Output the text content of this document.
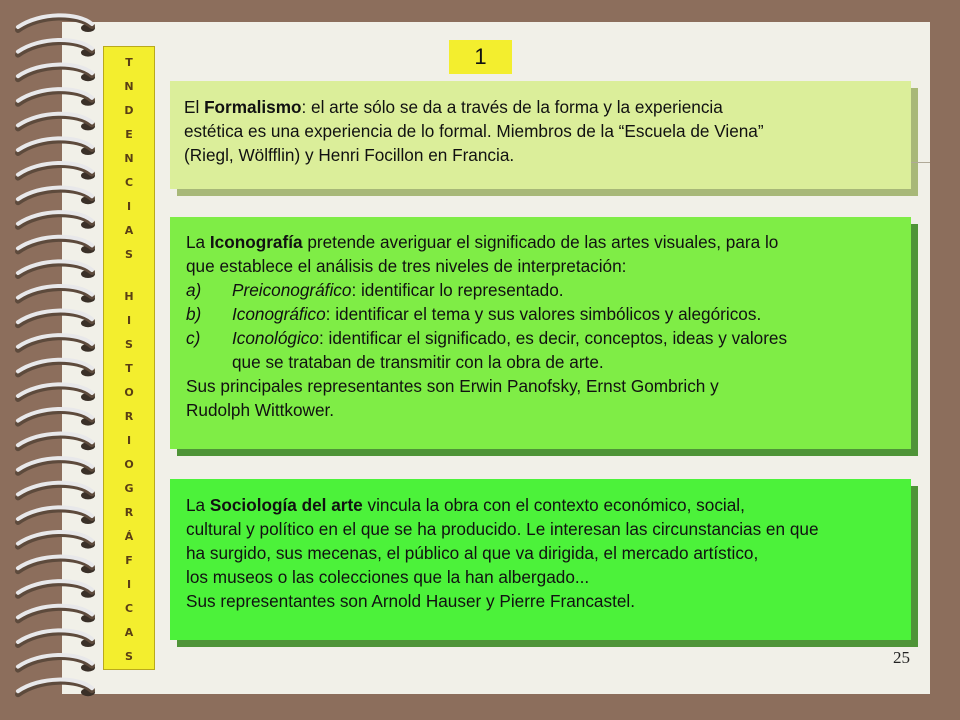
T
N
D
E
N
C
I
A
S
H
I
S
T
O
R
I
O
G
R
Á
F
I
C
A
S
1
El Formalismo: el arte sólo se da a través de la forma y la experiencia
estética es una experiencia de lo formal. Miembros de la “Escuela de Viena”
(Riegl, Wölfflin) y Henri Focillon en Francia.
La Iconografía pretende averiguar el significado de las artes visuales, para lo
que establece el análisis de tres niveles de interpretación:
a)	Preiconográfico : identificar lo representado.
b)	Iconográfico : identificar el tema y sus valores simbólicos y alegóricos.
c)	Iconológico : identificar el significado, es decir, conceptos, ideas y valores
que se trataban de transmitir con la obra de arte.
Sus principales representantes son Erwin Panofsky, Ernst Gombrich y
Rudolph Wittkower.
La Sociología del arte vincula la obra con el contexto económico, social,
cultural y político en el que se ha producido. Le interesan las circunstancias en que
ha surgido, sus mecenas, el público al que va dirigida, el mercado artístico,
los museos o las colecciones que la han albergado...
Sus representantes son Arnold Hauser y Pierre Francastel.
25
